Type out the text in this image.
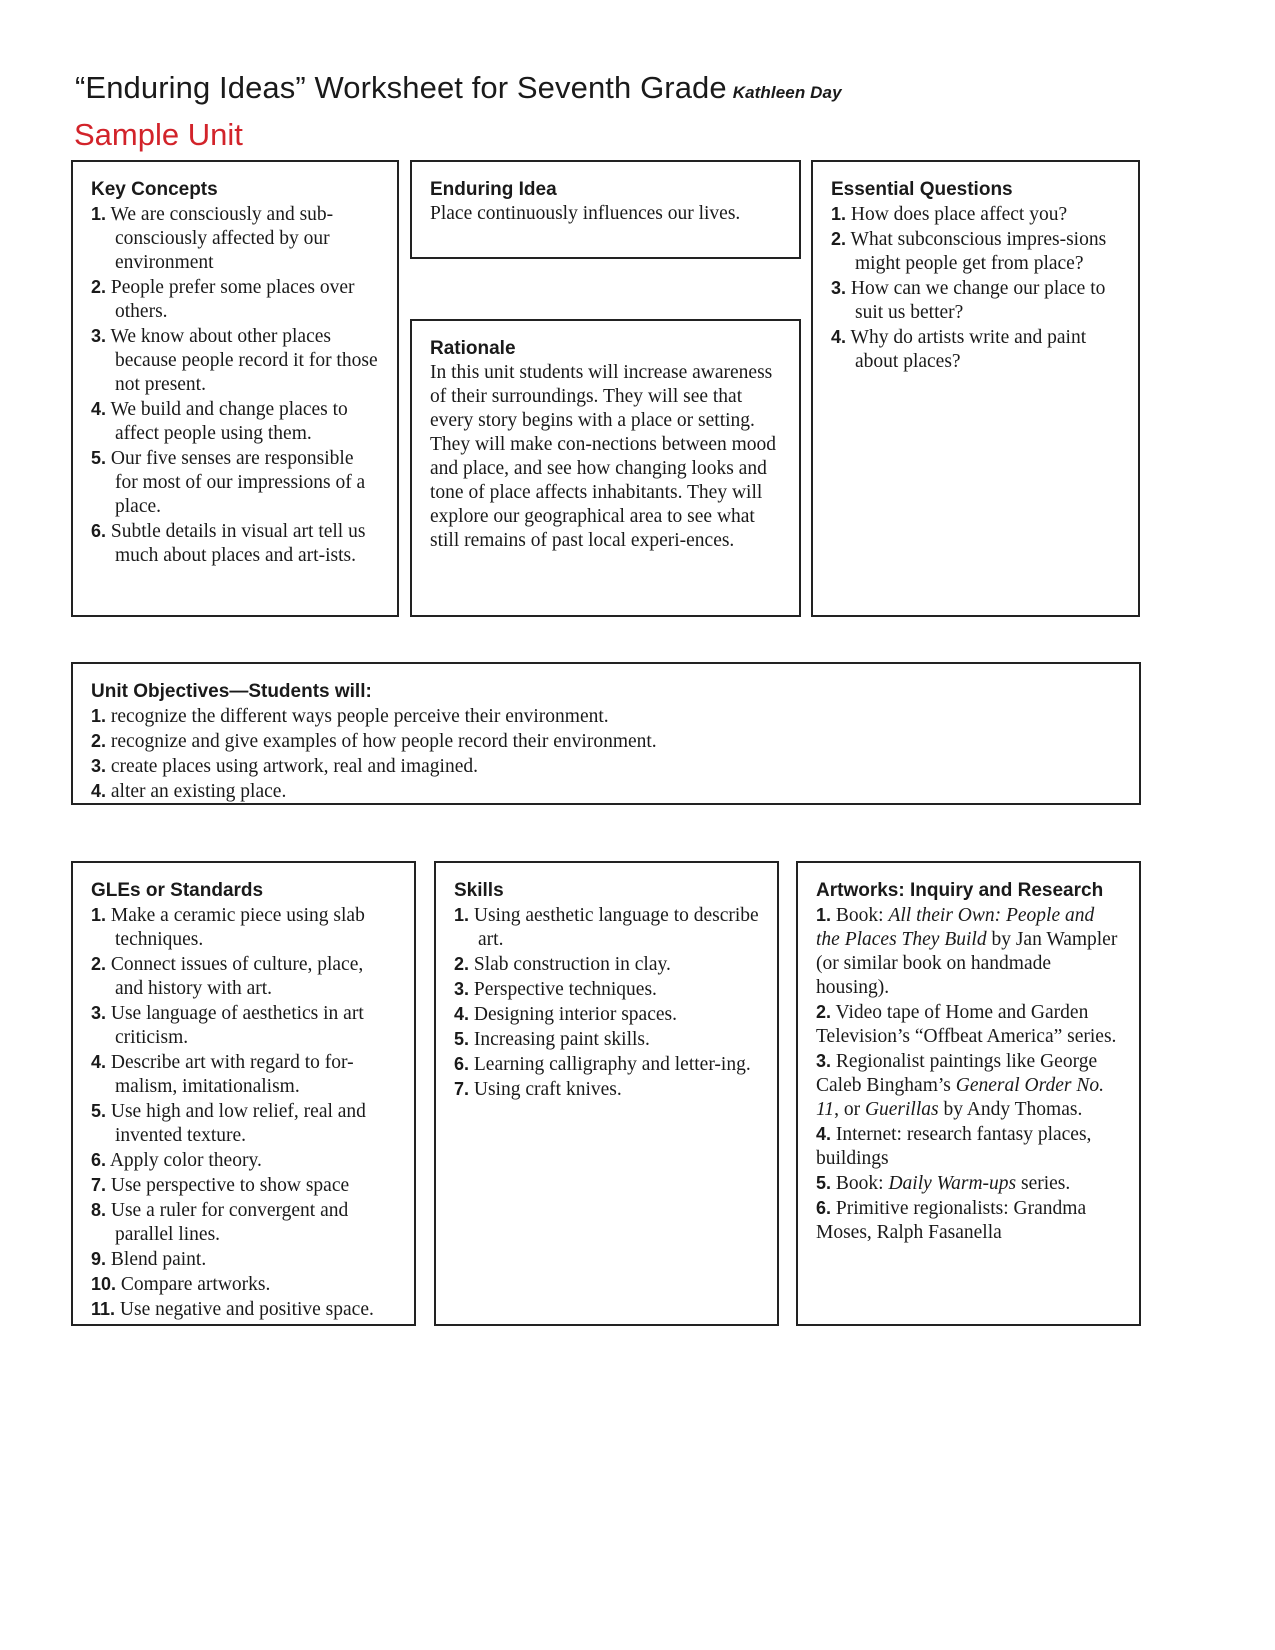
“Enduring Ideas” Worksheet for Seventh Grade Kathleen Day
Sample Unit
Key Concepts
1. We are consciously and sub-consciously affected by our environment
2. People prefer some places over others.
3. We know about other places because people record it for those not present.
4. We build and change places to affect people using them.
5. Our five senses are responsible for most of our impressions of a place.
6. Subtle details in visual art tell us much about places and art-ists.
Enduring Idea

Place continuously influences our lives.

Rationale

In this unit students will increase awareness of their surroundings. They will see that every story begins with a place or setting. They will make con-nections between mood and place, and see how changing looks and tone of place affects inhabitants. They will explore our geographical area to see what still remains of past local experi-ences.

Essential Questions
1. How does place affect you?
2. What subconscious impres-sions might people get from place?
3. How can we change our place to suit us better?
4. Why do artists write and paint about places?
Unit Objectives—Students will:
1. recognize the different ways people perceive their environment.
2. recognize and give examples of how people record their environment.
3. create places using artwork, real and imagined.
4. alter an existing place.
GLEs or Standards
1. Make a ceramic piece using slab techniques.
2. Connect issues of culture, place, and history with art.
3. Use language of aesthetics in art criticism.
4. Describe art with regard to for-malism, imitationalism.
5. Use high and low relief, real and invented texture.
6. Apply color theory.
7. Use perspective to show space
8. Use a ruler for convergent and parallel lines.
9. Blend paint.
10. Compare artworks.
11. Use negative and positive space.
Skills
1. Using aesthetic language to describe art.
2. Slab construction in clay.
3. Perspective techniques.
4. Designing interior spaces.
5. Increasing paint skills.
6. Learning calligraphy and letter-ing.
7. Using craft knives.
Artworks: Inquiry and Research
1. Book: All their Own: People and the Places They Build by Jan Wampler (or similar book on handmade housing).
2. Video tape of Home and Garden Television’s “Offbeat America” series.
3. Regionalist paintings like George Caleb Bingham’s General Order No. 11, or Guerillas by Andy Thomas.
4. Internet: research fantasy places, buildings
5. Book: Daily Warm-ups series.
6. Primitive regionalists: Grandma Moses, Ralph Fasanella
